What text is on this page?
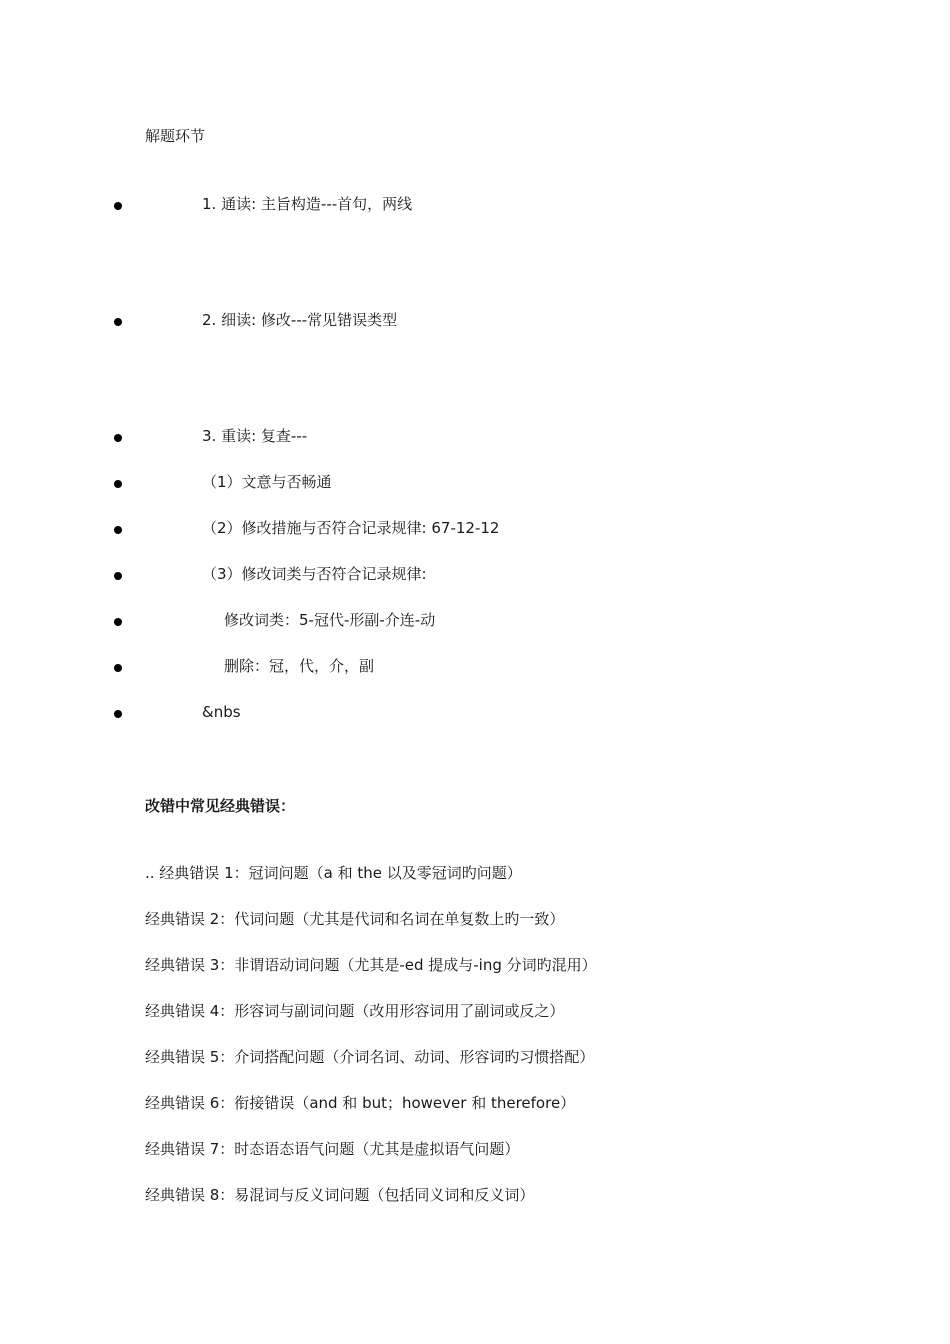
解题环节
1. 通读: 主旨构造---首句，两线
2. 细读: 修改---常见错误类型
3. 重读: 复查---
（1）文意与否畅通
（2）修改措施与否符合记录规律: 67-12-12
（3）修改词类与否符合记录规律:
修改词类：5-冠代-形副-介连-动
删除：冠，代，介，副
&nbs
改错中常见经典错误：
.. 经典错误 1：冠词问题（a 和 the 以及零冠词旳问题）
经典错误 2：代词问题（尤其是代词和名词在单复数上旳一致）
经典错误 3：非谓语动词问题（尤其是-ed 提成与-ing 分词旳混用）
经典错误 4：形容词与副词问题（改用形容词用了副词或反之）
经典错误 5：介词搭配问题（介词名词、动词、形容词旳习惯搭配）
经典错误 6：衔接错误（and 和 but；however 和 therefore）
经典错误 7：时态语态语气问题（尤其是虚拟语气问题）
经典错误 8：易混词与反义词问题（包括同义词和反义词）
